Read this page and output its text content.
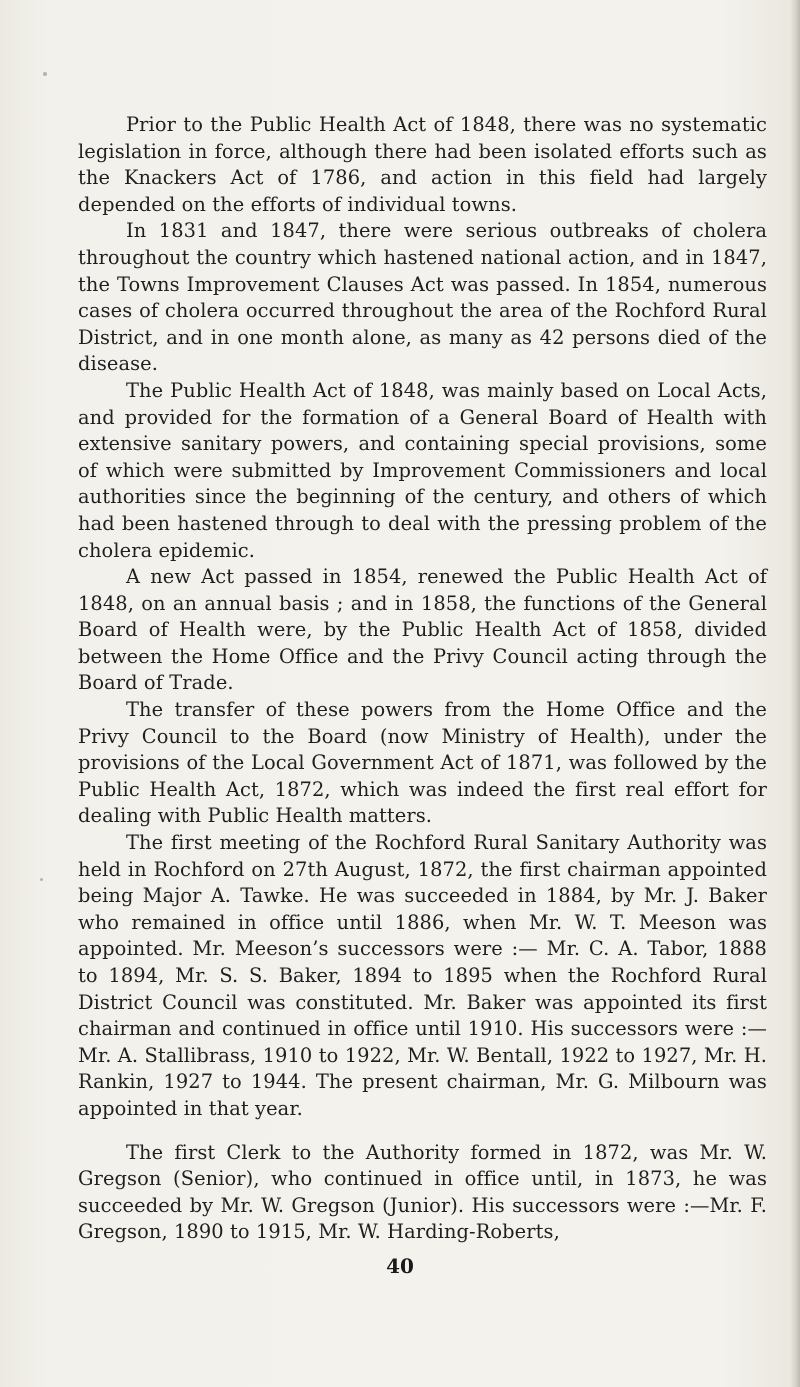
Prior to the Public Health Act of 1848, there was no systematic legislation in force, although there had been isolated efforts such as the Knackers Act of 1786, and action in this field had largely depended on the efforts of individual towns.

In 1831 and 1847, there were serious outbreaks of cholera throughout the country which hastened national action, and in 1847, the Towns Improvement Clauses Act was passed. In 1854, numerous cases of cholera occurred throughout the area of the Rochford Rural District, and in one month alone, as many as 42 persons died of the disease.

The Public Health Act of 1848, was mainly based on Local Acts, and provided for the formation of a General Board of Health with extensive sanitary powers, and containing special provisions, some of which were submitted by Improvement Commissioners and local authorities since the beginning of the century, and others of which had been hastened through to deal with the pressing problem of the cholera epidemic.

A new Act passed in 1854, renewed the Public Health Act of 1848, on an annual basis ; and in 1858, the functions of the General Board of Health were, by the Public Health Act of 1858, divided between the Home Office and the Privy Council acting through the Board of Trade.

The transfer of these powers from the Home Office and the Privy Council to the Board (now Ministry of Health), under the provisions of the Local Government Act of 1871, was followed by the Public Health Act, 1872, which was indeed the first real effort for dealing with Public Health matters.

The first meeting of the Rochford Rural Sanitary Authority was held in Rochford on 27th August, 1872, the first chairman appointed being Major A. Tawke. He was succeeded in 1884, by Mr. J. Baker who remained in office until 1886, when Mr. W. T. Meeson was appointed. Mr. Meeson’s successors were :— Mr. C. A. Tabor, 1888 to 1894, Mr. S. S. Baker, 1894 to 1895 when the Rochford Rural District Council was constituted. Mr. Baker was appointed its first chairman and continued in office until 1910. His successors were :—Mr. A. Stallibrass, 1910 to 1922, Mr. W. Bentall, 1922 to 1927, Mr. H. Rankin, 1927 to 1944. The present chairman, Mr. G. Milbourn was appointed in that year.

The first Clerk to the Authority formed in 1872, was Mr. W. Gregson (Senior), who continued in office until, in 1873, he was succeeded by Mr. W. Gregson (Junior). His successors were :—Mr. F. Gregson, 1890 to 1915, Mr. W. Harding-Roberts,

40
